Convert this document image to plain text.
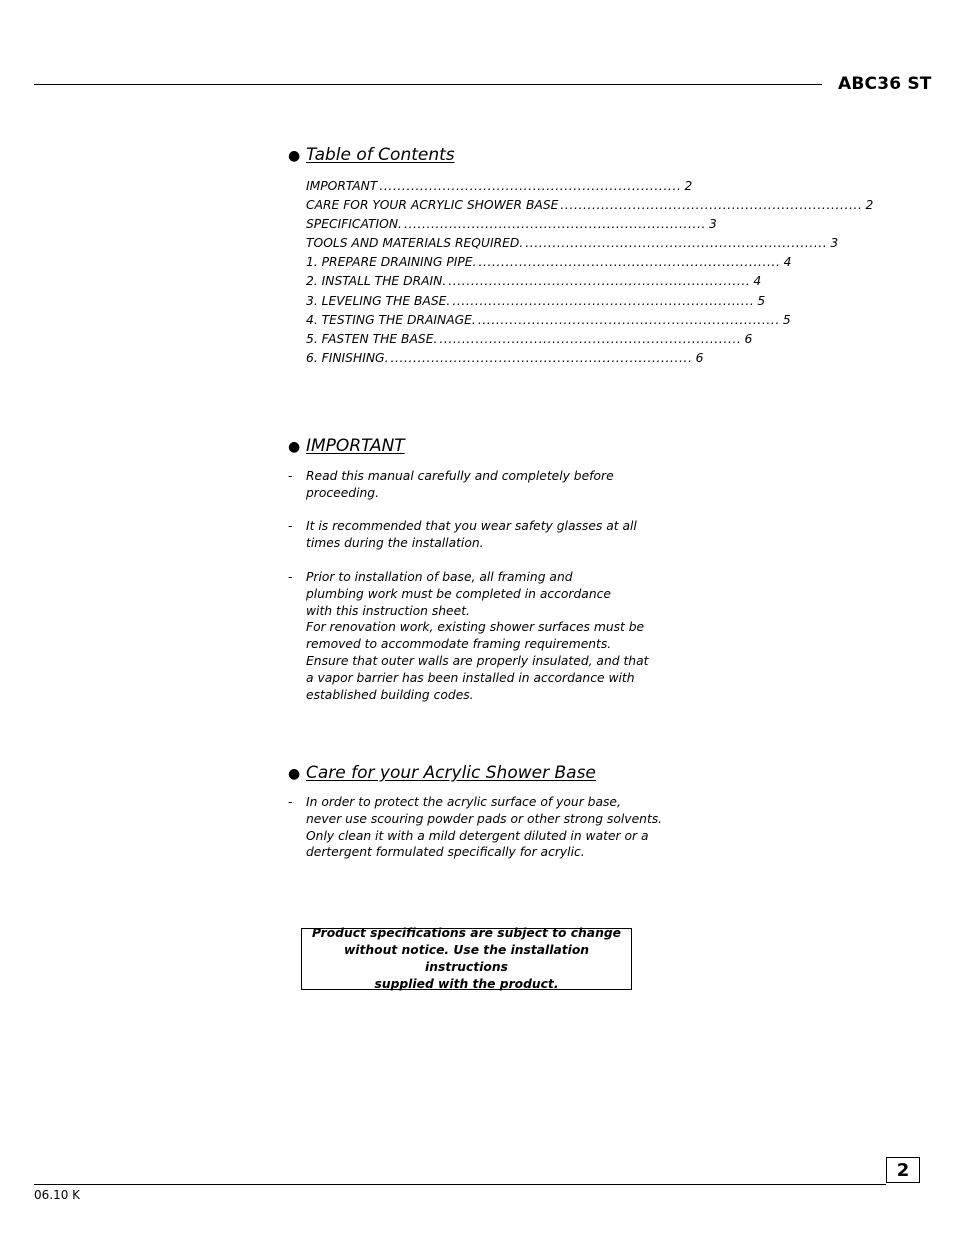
ABC36 ST
● Table of Contents
IMPORTANT ................................................................... 2
CARE FOR YOUR ACRYLIC SHOWER BASE ................................................................... 2
SPECIFICATION. ................................................................... 3
TOOLS AND MATERIALS REQUIRED. ................................................................... 3
1. PREPARE DRAINING PIPE. ................................................................... 4
2. INSTALL THE DRAIN. ................................................................... 4
3. LEVELING THE BASE. ................................................................... 5
4. TESTING THE DRAINAGE. ................................................................... 5
5. FASTEN THE BASE. ................................................................... 6
6. FINISHING. ................................................................... 6
● IMPORTANT
- Read this manual carefully and completely before
proceeding.
- It is recommended that you wear safety glasses at all
times during the installation.
- Prior to installation of base, all framing and
plumbing work must be completed in accordance
with this instruction sheet.
For renovation work, existing shower surfaces must be
removed to accommodate framing requirements.
Ensure that outer walls are properly insulated, and that
a vapor barrier has been installed in accordance with
established building codes.
● Care for your Acrylic Shower Base
- In order to protect the acrylic surface of your base,
never use scouring powder pads or other strong solvents.
Only clean it with a mild detergent diluted in water or a
dertergent formulated specifically for acrylic.
Product specifications are subject to change
without notice. Use the installation instructions
supplied with the product.
2
06.10 K
